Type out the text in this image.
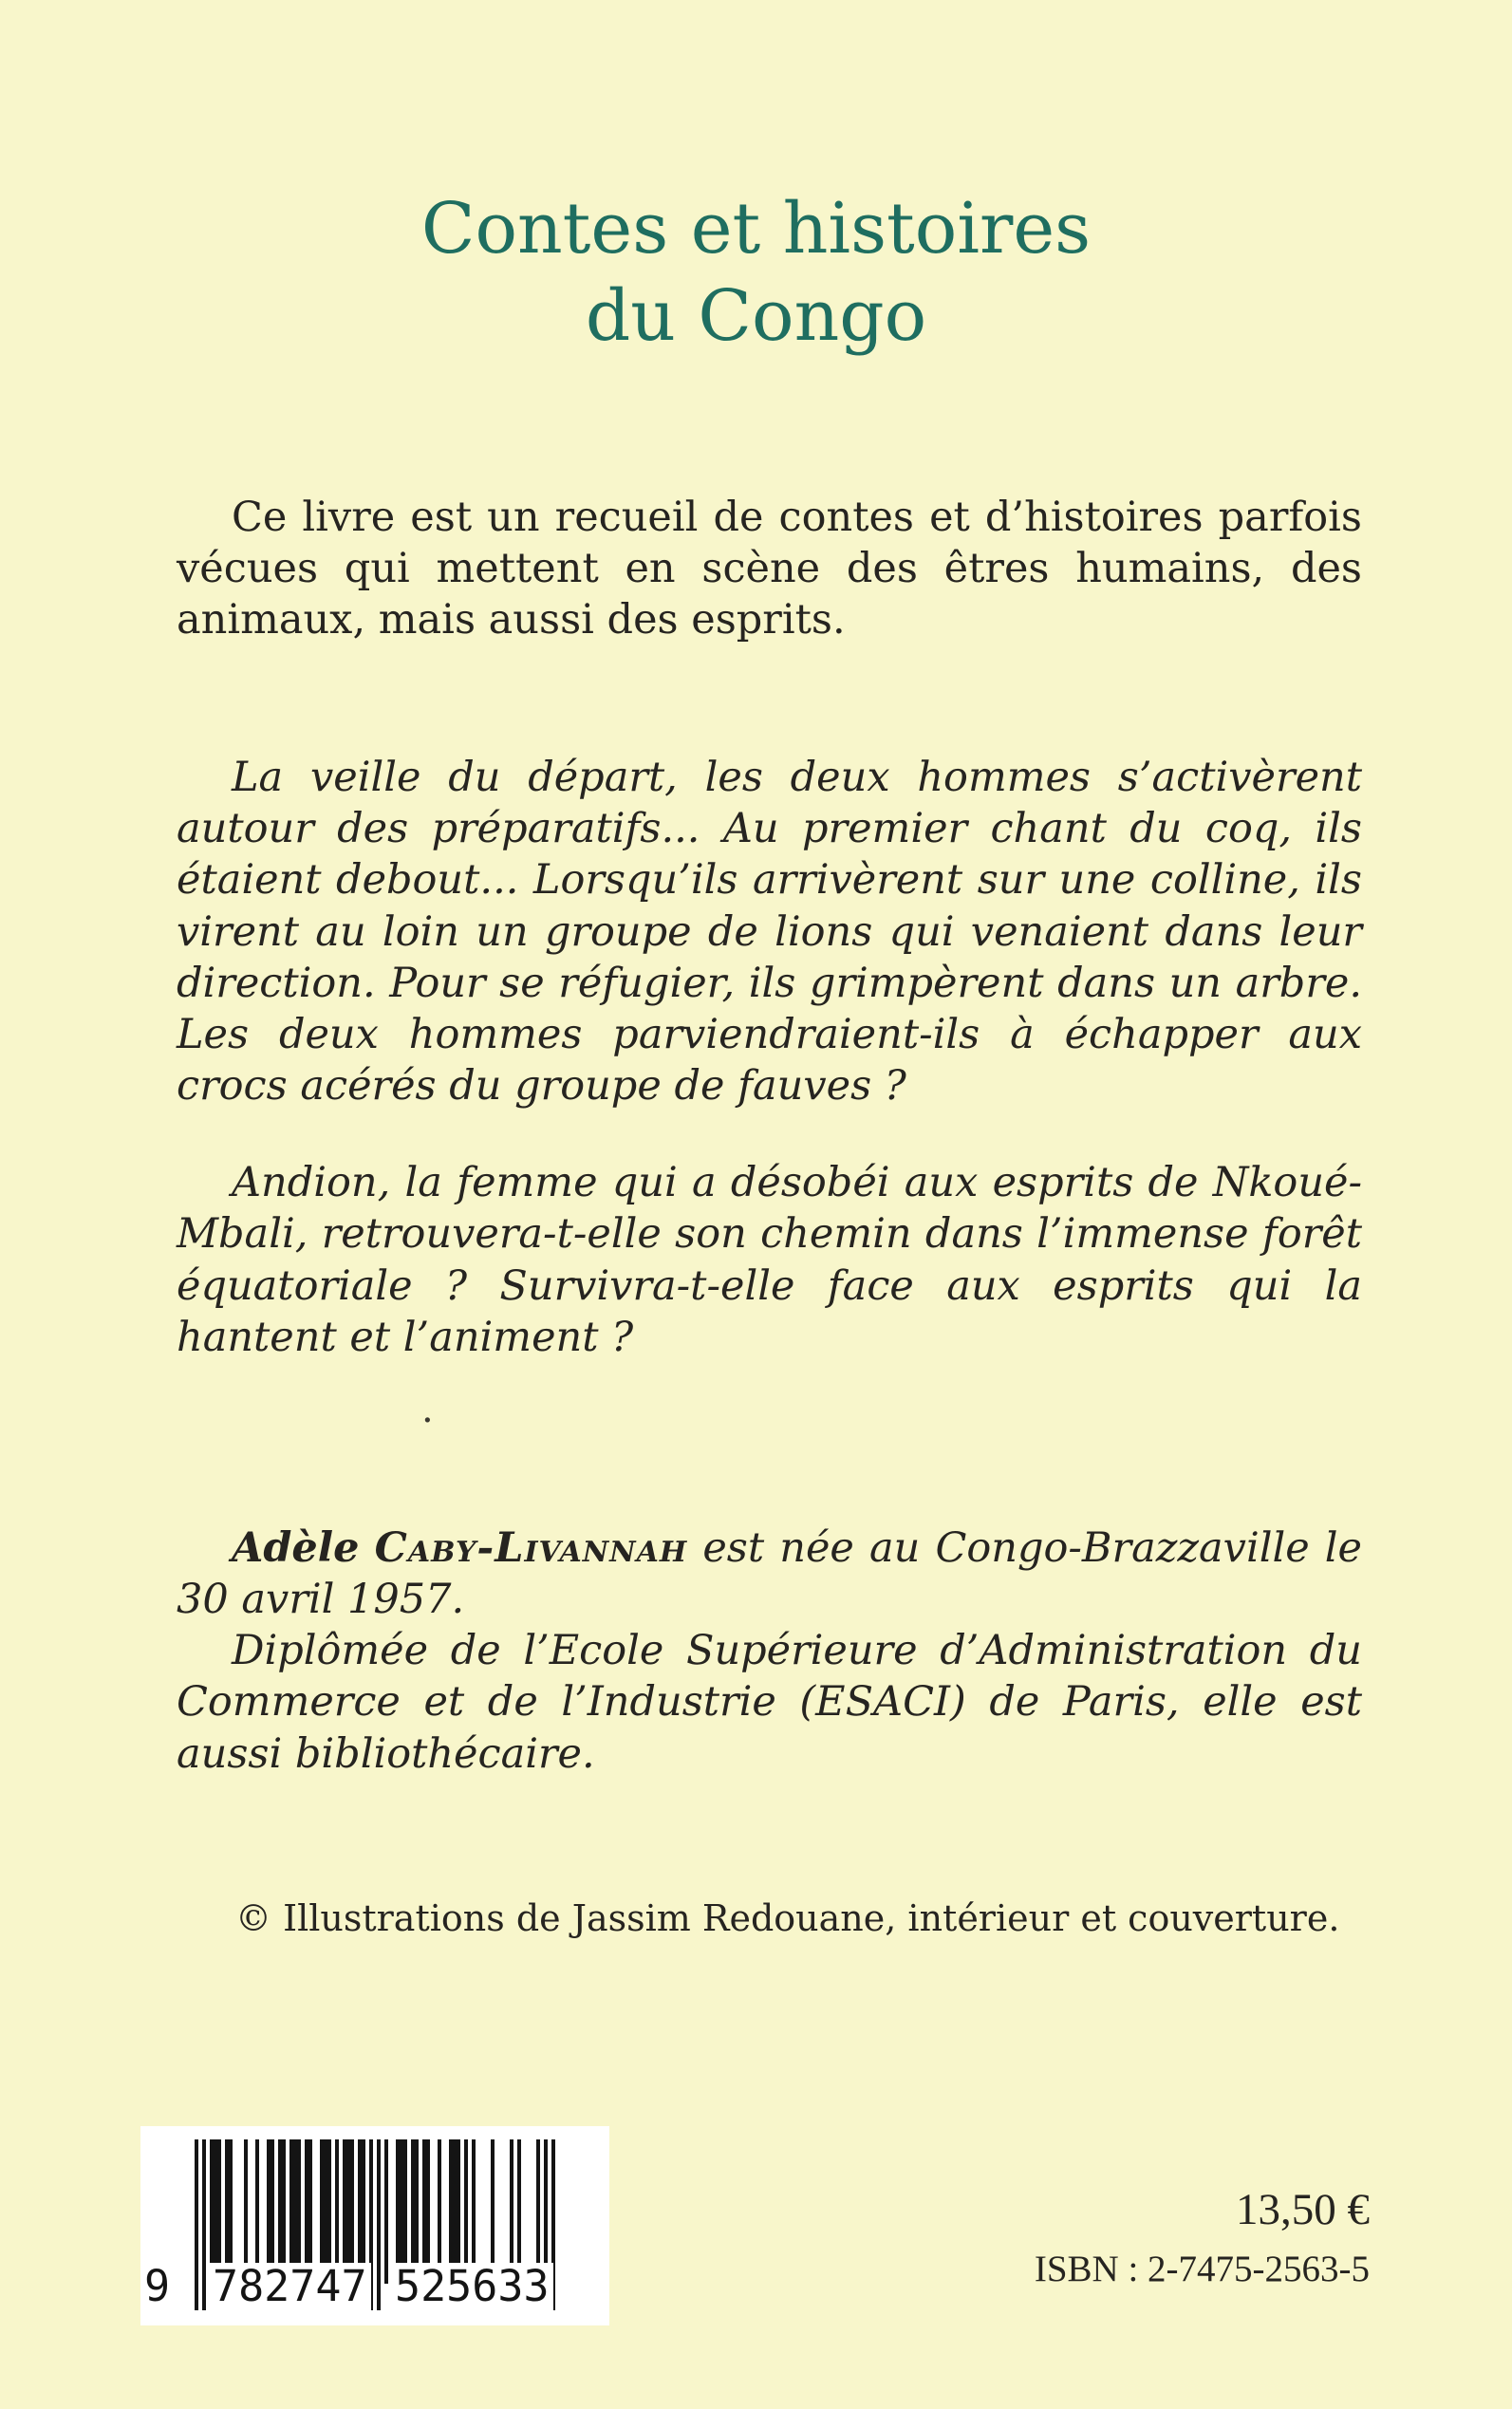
Contes et histoires
du Congo

Ce livre est un recueil de contes et d’histoires parfois vécues qui mettent en scène des êtres humains, des animaux, mais aussi des esprits.

La veille du départ, les deux hommes s’activèrent autour des préparatifs... Au premier chant du coq, ils étaient debout... Lorsqu’ils arrivèrent sur une colline, ils virent au loin un groupe de lions qui venaient dans leur direction. Pour se réfugier, ils grimpèrent dans un arbre. Les deux hommes parviendraient-ils à échapper aux crocs acérés du groupe de fauves ?

Andion, la femme qui a désobéi aux esprits de Nkoué-Mbali, retrouvera-t-elle son chemin dans l’immense forêt équatoriale ? Survivra-t-elle face aux esprits qui la hantent et l’animent ?

Adèle Caby-Livannah est née au Congo-Brazzaville le 30 avril 1957.

Diplômée de l’Ecole Supérieure d’Administration du Commerce et de l’Industrie (ESACI) de Paris, elle est aussi bibliothécaire.

© Illustrations de Jassim Redouane, intérieur et couverture.

.
9 782747 525633
13,50 €
ISBN : 2-7475-2563-5
